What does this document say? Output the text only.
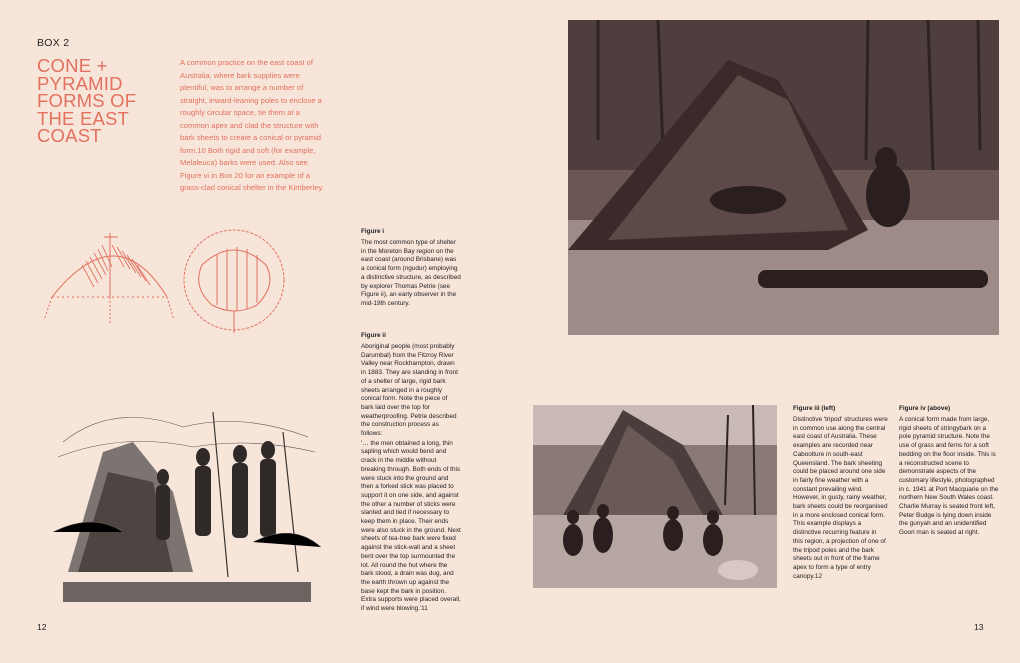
BOX 2
CONE +
PYRAMID
FORMS OF
THE EAST
COAST
A common practice on the east coast of Australia, where bark supplies were plentiful, was to arrange a number of straight, inward-leaning poles to enclose a roughly circular space, tie them at a common apex and clad the structure with bark sheets to create a conical or pyramid form.10 Both rigid and soft (for example, Melaleuca) barks were used. Also see Figure vi in Box 20 for an example of a grass-clad conical shelter in the Kimberley.
Figure i
The most common type of shelter in the Moreton Bay region on the east coast (around Brisbane) was a conical form (ngudur) employing a distinctive structure, as described by explorer Thomas Petrie (see Figure ii), an early observer in the mid-19th century.
Figure ii
Aboriginal people (most probably Darumbal) from the Fitzroy River Valley near Rockhampton, drawn in 1883. They are standing in front of a shelter of large, rigid bark sheets arranged in a roughly conical form. Note the piece of bark laid over the top for weatherproofing. Petrie described the construction process as follows:
'… the men obtained a long, thin sapling which would bend and crack in the middle without breaking through. Both ends of this were stuck into the ground and then a forked stick was placed to support it on one side, and against the other a number of sticks were slanted and tied if necessary to keep them in place. Their ends were also stuck in the ground. Next sheets of tea-tree bark were fixed against the stick-wall and a sheet bent over the top surmounted the lot. All round the hut where the bark stood, a drain was dug, and the earth thrown up against the base kept the bark in position. Extra supports were placed overall, if wind were blowing.'11
Figure iii (left)
Distinctive 'tripod' structures were in common use along the central east coast of Australia. These examples are recorded near Caboolture in south-east Queensland. The bark sheeting could be placed around one side in fairly fine weather with a constant prevailing wind. However, in gusty, rainy weather, bark sheets could be reorganised in a more enclosed conical form. This example displays a distinctive recurring feature in this region, a projection of one of the tripod poles and the bark sheets out in front of the frame apex to form a type of entry canopy.12
Figure iv (above)
A conical form made from large, rigid sheets of stringybark on a pole pyramid structure. Note the use of grass and ferns for a soft bedding on the floor inside. This is a reconstructed scene to demonstrate aspects of the customary lifestyle, photographed in c. 1941 at Port Macquarie on the northern New South Wales coast. Charlie Murray is seated front left, Peter Budge is lying down inside the gunyah and an unidentified Goori man is seated at right.
12	13
